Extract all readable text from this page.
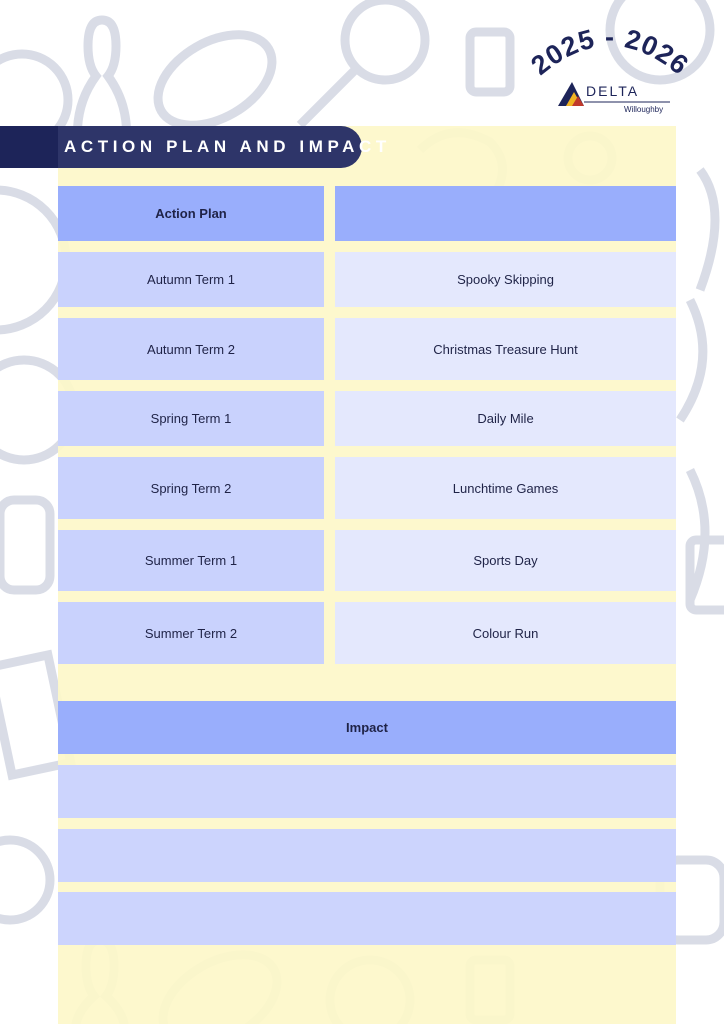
2025 - 2026
DELTA
Willoughby
ACTION PLAN AND IMPACT
Action Plan
Autumn Term 1	Spooky Skipping
Autumn Term 2	Christmas Treasure Hunt
Spring Term 1	Daily Mile
Spring Term 2	Lunchtime Games
Summer Term 1	Sports Day
Summer Term 2	Colour Run
Impact
